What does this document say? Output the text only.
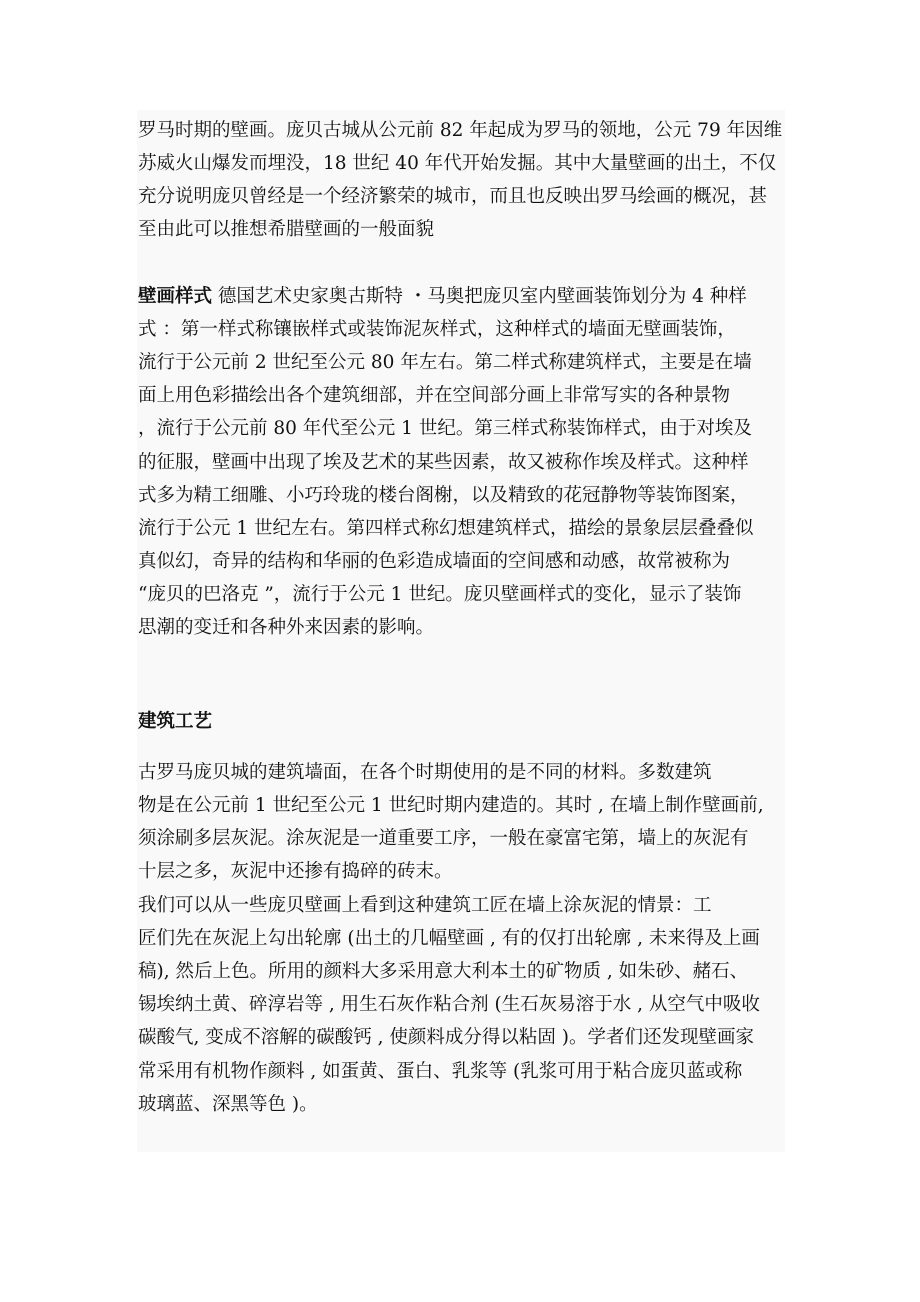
罗马时期的壁画。庞贝古城从公元前 82 年起成为罗马的领地，公元 79 年因维
苏威火山爆发而埋没，18 世纪 40 年代开始发掘。其中大量壁画的出土，不仅
充分说明庞贝曾经是一个经济繁荣的城市，而且也反映出罗马绘画的概况，甚
至由此可以推想希腊壁画的一般面貌
壁画样式 德国艺术史家奥古斯特 ・马奥把庞贝室内壁画装饰划分为 4 种样
式 ：第一样式称镶嵌样式或装饰泥灰样式，这种样式的墙面无壁画装饰，
流行于公元前 2 世纪至公元 80 年左右。第二样式称建筑样式，主要是在墙
面上用色彩描绘出各个建筑细部，并在空间部分画上非常写实的各种景物
，流行于公元前 80 年代至公元 1 世纪。第三样式称装饰样式，由于对埃及
的征服，壁画中出现了埃及艺术的某些因素，故又被称作埃及样式。这种样
式多为精工细雕、小巧玲珑的楼台阁榭，以及精致的花冠静物等装饰图案，
流行于公元 1 世纪左右。第四样式称幻想建筑样式，描绘的景象层层叠叠似
真似幻，奇异的结构和华丽的色彩造成墙面的空间感和动感，故常被称为
“庞贝的巴洛克 ”，流行于公元 1 世纪。庞贝壁画样式的变化，显示了装饰
思潮的变迁和各种外来因素的影响。
建筑工艺
古罗马庞贝城的建筑墙面，在各个时期使用的是不同的材料。多数建筑
物是在公元前 1 世纪至公元 1 世纪时期内建造的。其时 , 在墙上制作壁画前,
须涂刷多层灰泥。涂灰泥是一道重要工序，一般在豪富宅第，墙上的灰泥有
十层之多，灰泥中还掺有捣碎的砖末。
我们可以从一些庞贝壁画上看到这种建筑工匠在墙上涂灰泥的情景：工
匠们先在灰泥上勾出轮廓 (出土的几幅壁画 , 有的仅打出轮廓 , 未来得及上画
稿), 然后上色。所用的颜料大多采用意大利本土的矿物质 , 如朱砂、赭石、
锡埃纳土黄、碎淳岩等 , 用生石灰作粘合剂 (生石灰易溶于水 , 从空气中吸收
碳酸气, 变成不溶解的碳酸钙 , 使颜料成分得以粘固 )。学者们还发现壁画家
常采用有机物作颜料 , 如蛋黄、蛋白、乳浆等 (乳浆可用于粘合庞贝蓝或称
玻璃蓝、深黑等色 )。
